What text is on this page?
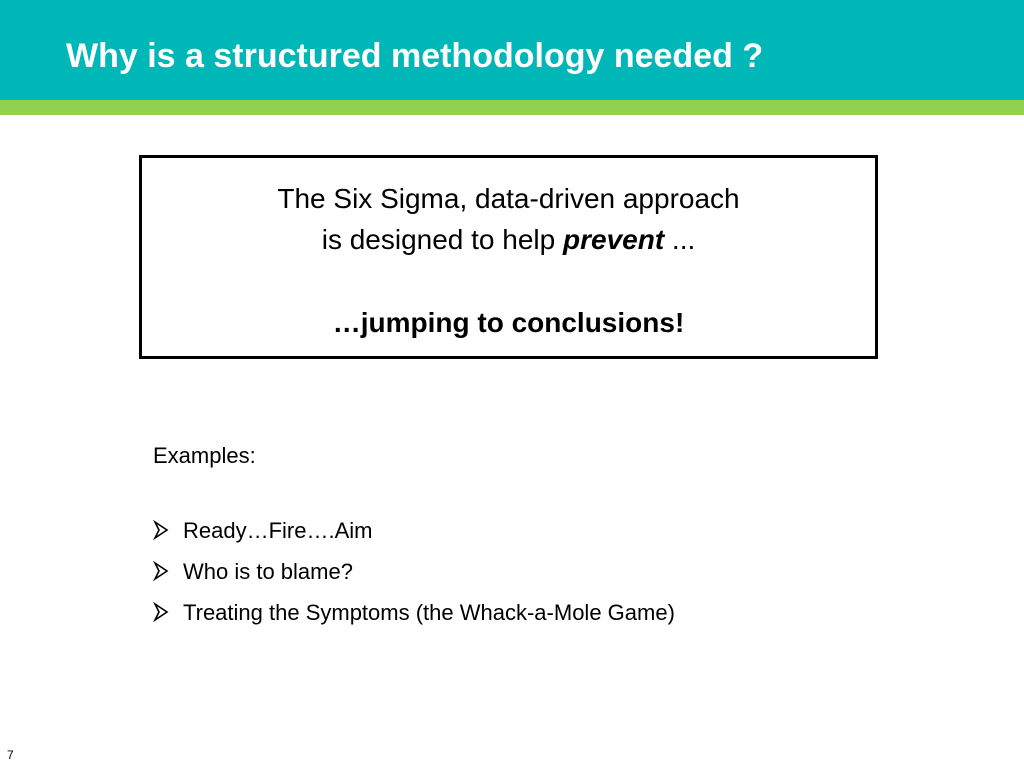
Why is a structured methodology needed ?
The Six Sigma, data-driven approach
is designed to help prevent ...
…jumping to conclusions!
Examples:
Ready…Fire….Aim
Who is to blame?
Treating the Symptoms (the Whack-a-Mole Game)
7
